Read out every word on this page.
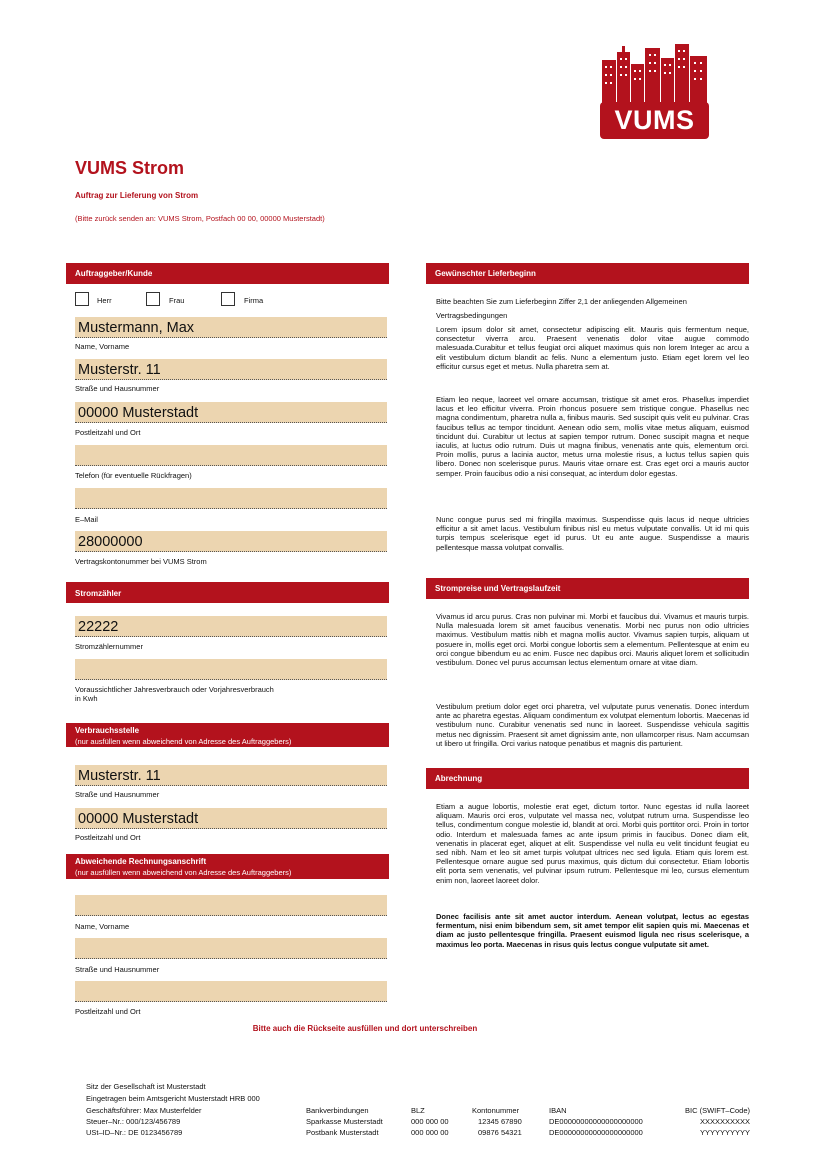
VUMS
VUMS Strom
Auftrag zur Lieferung von Strom
(Bitte zurück senden an: VUMS Strom, Postfach 00 00, 00000 Musterstadt)
Auftraggeber/Kunde
Herr	Frau	Firma
Mustermann, Max
Name, Vorname
Musterstr. 11
Straße und Hausnummer
00000 Musterstadt
Postleitzahl und Ort
Telefon (für eventuelle Rückfragen)
E–Mail
28000000
Vertragskontonummer bei VUMS Strom
Stromzähler
22222
Stromzählernummer
Voraussichtlicher Jahresverbrauch oder Vorjahresverbrauch
in Kwh
Verbrauchsstelle
(nur ausfüllen wenn abweichend von Adresse des Auftraggebers)
Musterstr. 11
Straße und Hausnummer
00000 Musterstadt
Postleitzahl und Ort
Abweichende Rechnungsanschrift
(nur ausfüllen wenn abweichend von Adresse des Auftraggebers)
Name, Vorname
Straße und Hausnummer
Postleitzahl und Ort
Gewünschter Lieferbeginn
Bitte beachten Sie zum Lieferbeginn Ziffer 2,1 der anliegenden Allgemeinen
Vertragsbedingungen
Lorem ipsum dolor sit amet, consectetur adipiscing elit. Mauris quis fermentum neque, consectetur viverra arcu. Praesent venenatis dolor vitae augue commodo malesuada.Curabitur et tellus feugiat orci aliquet maximus quis non lorem Integer ac arcu a elit vestibulum dictum blandit ac felis. Nunc a elementum justo. Etiam eget lorem vel leo efficitur cursus eget et metus. Nulla pharetra sem at.
Etiam leo neque, laoreet vel ornare accumsan, tristique sit amet eros. Phasellus imperdiet lacus et leo efficitur viverra. Proin rhoncus posuere sem tristique congue. Phasellus nec magna condimentum, pharetra nulla a, finibus mauris. Sed suscipit quis velit eu pulvinar. Cras faucibus tellus ac tempor tincidunt. Aenean odio sem, mollis vitae metus aliquam, euismod tincidunt dui. Curabitur ut lectus at sapien tempor rutrum. Donec suscipit magna et neque iaculis, at luctus odio rutrum. Duis ut magna finibus, venenatis ante quis, elementum orci. Proin mollis, purus a lacinia auctor, metus urna molestie risus, a luctus tellus sapien quis libero. Donec non scelerisque purus. Mauris vitae ornare est. Cras eget orci a mauris auctor semper. Proin faucibus odio a nisi consequat, ac interdum dolor egestas.
Nunc congue purus sed mi fringilla maximus. Suspendisse quis lacus id neque ultricies efficitur a sit amet lacus. Vestibulum finibus nisl eu metus vulputate convallis. Ut id mi quis turpis tempus scelerisque eget id purus. Ut eu ante augue. Suspendisse a mauris pellentesque massa volutpat convallis.
Strompreise und Vertragslaufzeit
Vivamus id arcu purus. Cras non pulvinar mi. Morbi et faucibus dui. Vivamus et mauris turpis. Nulla malesuada lorem sit amet faucibus venenatis. Morbi nec purus non odio ultricies maximus. Vestibulum mattis nibh et magna mollis auctor. Vivamus sapien turpis, aliquam ut posuere in, mollis eget orci. Morbi congue lobortis sem a elementum. Pellentesque at enim eu orci congue bibendum eu ac enim. Fusce nec dapibus orci. Mauris aliquet lorem et sollicitudin vestibulum. Donec vel purus accumsan lectus elementum ornare at vitae diam.
Vestibulum pretium dolor eget orci pharetra, vel vulputate purus venenatis. Donec interdum ante ac pharetra egestas. Aliquam condimentum ex volutpat elementum lobortis. Maecenas id vestibulum nunc. Curabitur venenatis sed nunc in laoreet. Suspendisse vehicula sagittis metus nec dignissim. Praesent sit amet dignissim ante, non ullamcorper risus. Nam accumsan ut libero ut fringilla. Orci varius natoque penatibus et magnis dis parturient.
Abrechnung
Etiam a augue lobortis, molestie erat eget, dictum tortor. Nunc egestas id nulla laoreet aliquam. Mauris orci eros, vulputate vel massa nec, volutpat rutrum urna. Suspendisse leo tellus, condimentum congue molestie id, blandit at orci. Morbi quis porttitor orci. Proin in tortor odio. Interdum et malesuada fames ac ante ipsum primis in faucibus. Donec diam elit, venenatis in placerat eget, aliquet at elit. Suspendisse vel nulla eu velit tincidunt feugiat eu sed nibh. Nam et leo sit amet turpis volutpat ultrices nec sed ligula. Etiam quis lorem est. Pellentesque ornare augue sed purus maximus, quis dictum dui consectetur. Etiam lobortis elit porta sem venenatis, vel pulvinar ipsum rutrum. Pellentesque mi leo, cursus elementum enim non, laoreet laoreet dolor.
Donec facilisis ante sit amet auctor interdum. Aenean volutpat, lectus ac egestas fermentum, nisi enim bibendum sem, sit amet tempor elit sapien quis mi. Maecenas et diam ac justo pellentesque fringilla. Praesent euismod ligula nec risus scelerisque, a maximus leo porta. Maecenas in risus quis lectus congue vulputate sit amet.
Bitte auch die Rückseite ausfüllen und dort unterschreiben
Sitz der Gesellschaft ist Musterstadt
Eingetragen beim Amtsgericht Musterstadt HRB 000
Geschäftsführer: Max Musterfelder
Steuer–Nr.: 000/123/456789
USt–ID–Nr.: DE 0123456789
Bankverbindungen	BLZ	Kontonummer	IBAN	BIC (SWIFT–Code)
Sparkasse Musterstadt	000 000 00	12345 67890	DE00000000000000000000	XXXXXXXXXX
Postbank Musterstadt	000 000 00	09876 54321	DE00000000000000000000	YYYYYYYYYY
